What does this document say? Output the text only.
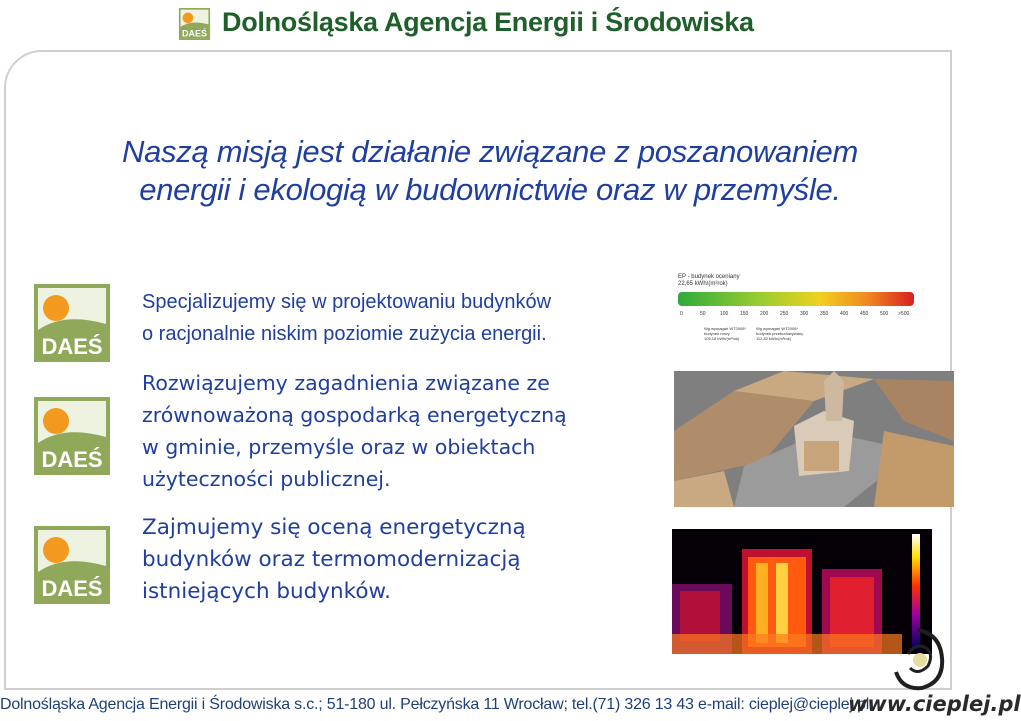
DAEŚ Dolnośląska Agencja Energii i Środowiska
Naszą misją jest działanie związane z poszanowaniem
energii i ekologią w budownictwie oraz w przemyśle.
DAEŚ
DAEŚ
DAEŚ
Specjalizujemy się w projektowaniu budynków
o racjonalnie niskim poziomie zużycia energii.
Rozwiązujemy zagadnienia związane ze
zrównoważoną gospodarką energetyczną
w gminie, przemyśle oraz w obiektach
użyteczności publicznej.
Zajmujemy się oceną energetyczną
budynków oraz termomodernizacją
istniejących budynków.
EP - budynek oceniany
22,65 kWh/(m²rok)
0	50	100 150 200 250 300 350 400 450 500 >500
Wg wymagań WT2008*
budynek nowy
105,18 kWh/(m²rok)
Wg wymagań WT2008*
budynek przebudowywany
112,82 kWh/(m²rok)
Dolnośląska Agencja Energii i Środowiska s.c.; 51-180 ul. Pełczyńska 11 Wrocław; tel.(71) 326 13 43 e-mail: cieplej@cieplej.pl;
www.cieplej.pl
